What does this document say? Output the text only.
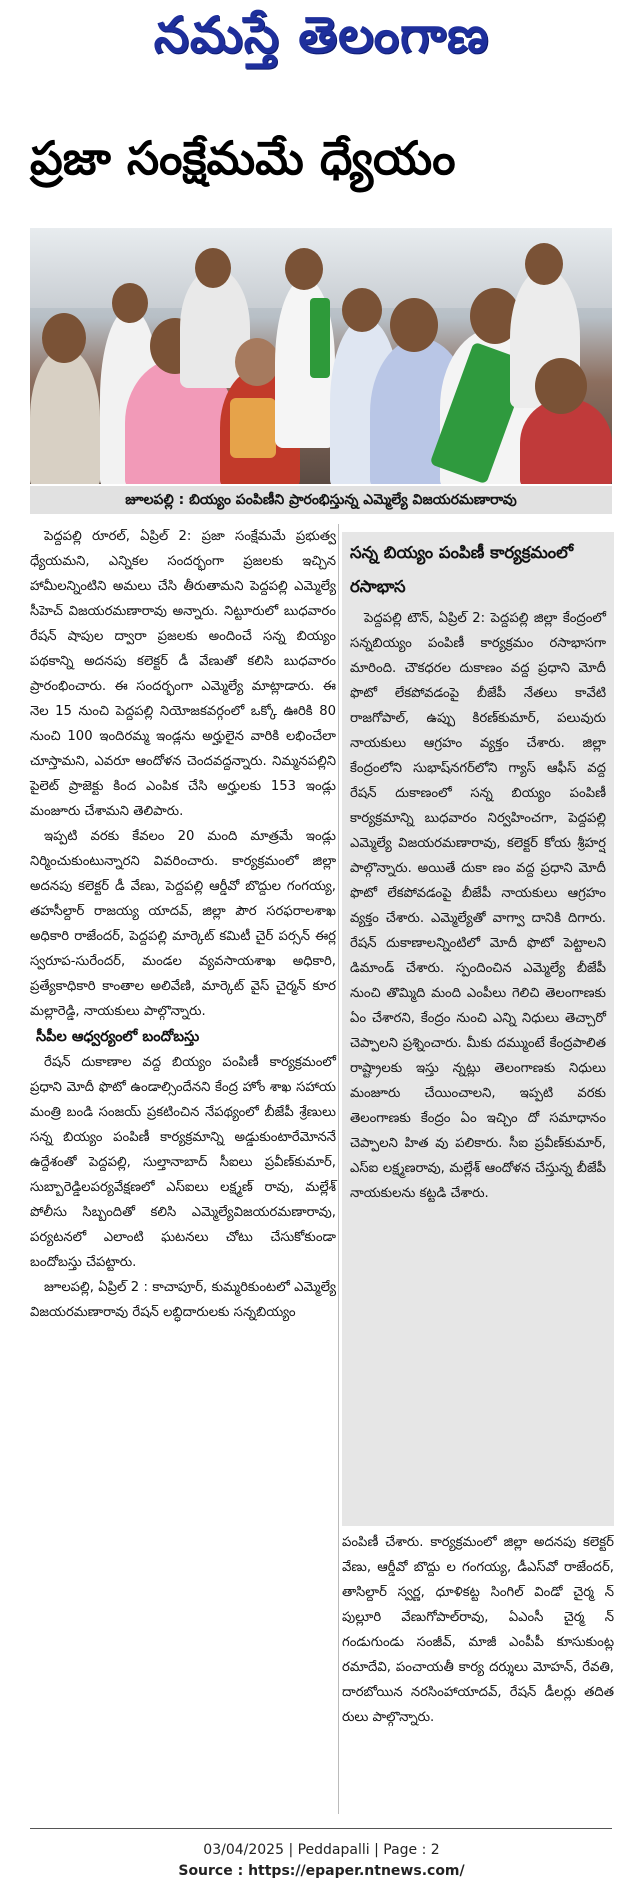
నమస్తే తెలంగాణ
ప్రజా సంక్షేమమే ధ్యేయం
జూలపల్లి : బియ్యం పంపిణీని ప్రారంభిస్తున్న ఎమ్మెల్యే విజయరమణారావు

పెద్దపల్లి రూరల్, ఏప్రిల్ 2: ప్రజా సంక్షేమమే ప్రభుత్వ ధ్యేయమని, ఎన్నికల సందర్భంగా ప్రజలకు ఇచ్చిన హామీలన్నింటిని అమలు చేసి తీరుతామని పెద్దపల్లి ఎమ్మెల్యే సీహెచ్ విజయరమణారావు అన్నారు. నిట్టూరులో బుధవారం రేషన్ షాపుల ద్వారా ప్రజలకు అందించే సన్న బియ్యం పథకాన్ని అదనపు కలెక్టర్ డీ వేణుతో కలిసి బుధవారం ప్రారంభించారు. ఈ సందర్భంగా ఎమ్మెల్యే మాట్లాడారు. ఈ నెల 15 నుంచి పెద్దపల్లి నియోజకవర్గంలో ఒక్కో ఊరికి 80 నుంచి 100 ఇందిరమ్మ ఇండ్లను అర్హులైన వారికి లభించేలా చూస్తామని, ఎవరూ ఆందోళన చెందవద్దన్నారు. నిమ్మనపల్లిని పైలెట్ ప్రాజెక్టు కింద ఎంపిక చేసి అర్హులకు 153 ఇండ్లు మంజూరు చేశామని తెలిపారు.

ఇప్పటి వరకు కేవలం 20 మంది మాత్రమే ఇండ్లు నిర్మించుకుంటున్నారని వివరించారు. కార్యక్రమంలో జిల్లా అదనపు కలెక్టర్ డీ వేణు, పెద్దపల్లి ఆర్డీవో బొద్దుల గంగయ్య, తహసీల్దార్ రాజయ్య యాదవ్, జిల్లా పౌర సరఫరాలశాఖ అధికారి రాజేందర్, పెద్దపల్లి మార్కెట్ కమిటీ చైర్ పర్సన్ ఈర్ల స్వరూప-సురేందర్, మండల వ్యవసాయశాఖ అధికారి, ప్రత్యేకాధికారి కాంతాల అలివేణి, మార్కెట్ వైస్ చైర్మన్ కూర మల్లారెడ్డి, నాయకులు పాల్గొన్నారు.

సీపీల ఆధ్వర్యంలో బందోబస్తు

రేషన్ దుకాణాల వద్ద బియ్యం పంపిణీ కార్యక్రమంలో ప్రధాని మోదీ ఫొటో ఉండాల్సిందేనని కేంద్ర హోం శాఖ సహాయ మంత్రి బండి సంజయ్ ప్రకటించిన నేపథ్యంలో బీజేపీ శ్రేణులు సన్న బియ్యం పంపిణీ కార్యక్రమాన్ని అడ్డుకుంటారేమోననే ఉద్దేశంతో పెద్దపల్లి, సుల్తానాబాద్ సీఐలు ప్రవీణ్‌కుమార్, సుబ్బారెడ్డిలపర్యవేక్షణలో ఎస్ఐలు లక్ష్మణ్ రావు, మల్లేశ్ పోలీసు సిబ్బందితో కలిసి ఎమ్మెల్యేవిజయరమణారావు, పర్యటనలో ఎలాంటి ఘటనలు చోటు చేసుకోకుండా బందోబస్తు చేపట్టారు.

జూలపల్లి, ఏప్రిల్ 2 : కాచాపూర్, కుమ్మరికుంటలో ఎమ్మెల్యే విజయరమణారావు రేషన్ లబ్ధిదారులకు సన్నబియ్యం

సన్న బియ్యం పంపిణీ కార్యక్రమంలో రసాభాస

పెద్దపల్లి టౌన్, ఏప్రిల్ 2: పెద్దపల్లి జిల్లా కేంద్రంలో సన్నబియ్యం పంపిణీ కార్యక్రమం రసాభాసగా మారింది. చౌకధరల దుకాణం వద్ద ప్రధాని మోదీ ఫొటో లేకపోవడంపై బీజేపీ నేతలు కావేటి రాజగోపాల్, ఉప్పు కిరణ్‌కుమార్, పలువురు నాయకులు ఆగ్రహం వ్యక్తం చేశారు. జిల్లా కేంద్రంలోని సుభాష్‌నగర్‌లోని గ్యాస్ ఆఫీస్ వద్ద రేషన్ దుకాణంలో సన్న బియ్యం పంపిణీ కార్యక్రమాన్ని బుధవారం నిర్వహించగా, పెద్దపల్లి ఎమ్మెల్యే విజయరమణారావు, కలెక్టర్ కోయ శ్రీహర్ష పాల్గొన్నారు. అయితే దుకా ణం వద్ద ప్రధాని మోదీ ఫొటో లేకపోవడంపై బీజేపీ నాయకులు ఆగ్రహం వ్యక్తం చేశారు. ఎమ్మెల్యేతో వాగ్వా దానికి దిగారు. రేషన్ దుకాణాలన్నింటిలో మోదీ ఫొటో పెట్టాలని డిమాండ్ చేశారు. స్పందించిన ఎమ్మెల్యే బీజేపీ నుంచి తొమ్మిది మంది ఎంపీలు గెలిచి తెలంగాణకు ఏం చేశారని, కేంద్రం నుంచి ఎన్ని నిధులు తెచ్చారో చెప్పాలని ప్రశ్నించారు. మీకు దమ్ముంటే కేంద్రపాలిత రాష్ట్రాలకు ఇస్తు న్నట్లు తెలంగాణకు నిధులు మంజూరు చేయించాలని, ఇప్పటి వరకు తెలంగాణకు కేంద్రం ఏం ఇచ్చిం దో సమాధానం చెప్పాలని హిత వు పలికారు. సీఐ ప్రవీణ్‌కుమార్, ఎస్ఐ లక్ష్మణరావు, మల్లేశ్ ఆందోళన చేస్తున్న బీజేపీ నాయకులను కట్టడి చేశారు.

పంపిణీ చేశారు. కార్యక్రమంలో జిల్లా అదనపు కలెక్టర్ వేణు, ఆర్డీవో బొద్దు ల గంగయ్య, డీఎస్‌వో రాజేందర్, తాసిల్దార్ స్వర్ణ, ధూళికట్ట సింగిల్ విండో చైర్మ న్ పుల్లూరి వేణుగోపాల్‌రావు, ఏఎంసీ చైర్మ న్ గండుగుండు సంజీవ్, మాజీ ఎంపీపీ కూసుకుంట్ల రమాదేవి, పంచాయతీ కార్య దర్శులు మోహన్, రేవతి, దారబోయిన నరసింహాయాదవ్, రేషన్ డీలర్లు తదిత రులు పాల్గొన్నారు.

03/04/2025 | Peddapalli | Page : 2
Source : https://epaper.ntnews.com/
